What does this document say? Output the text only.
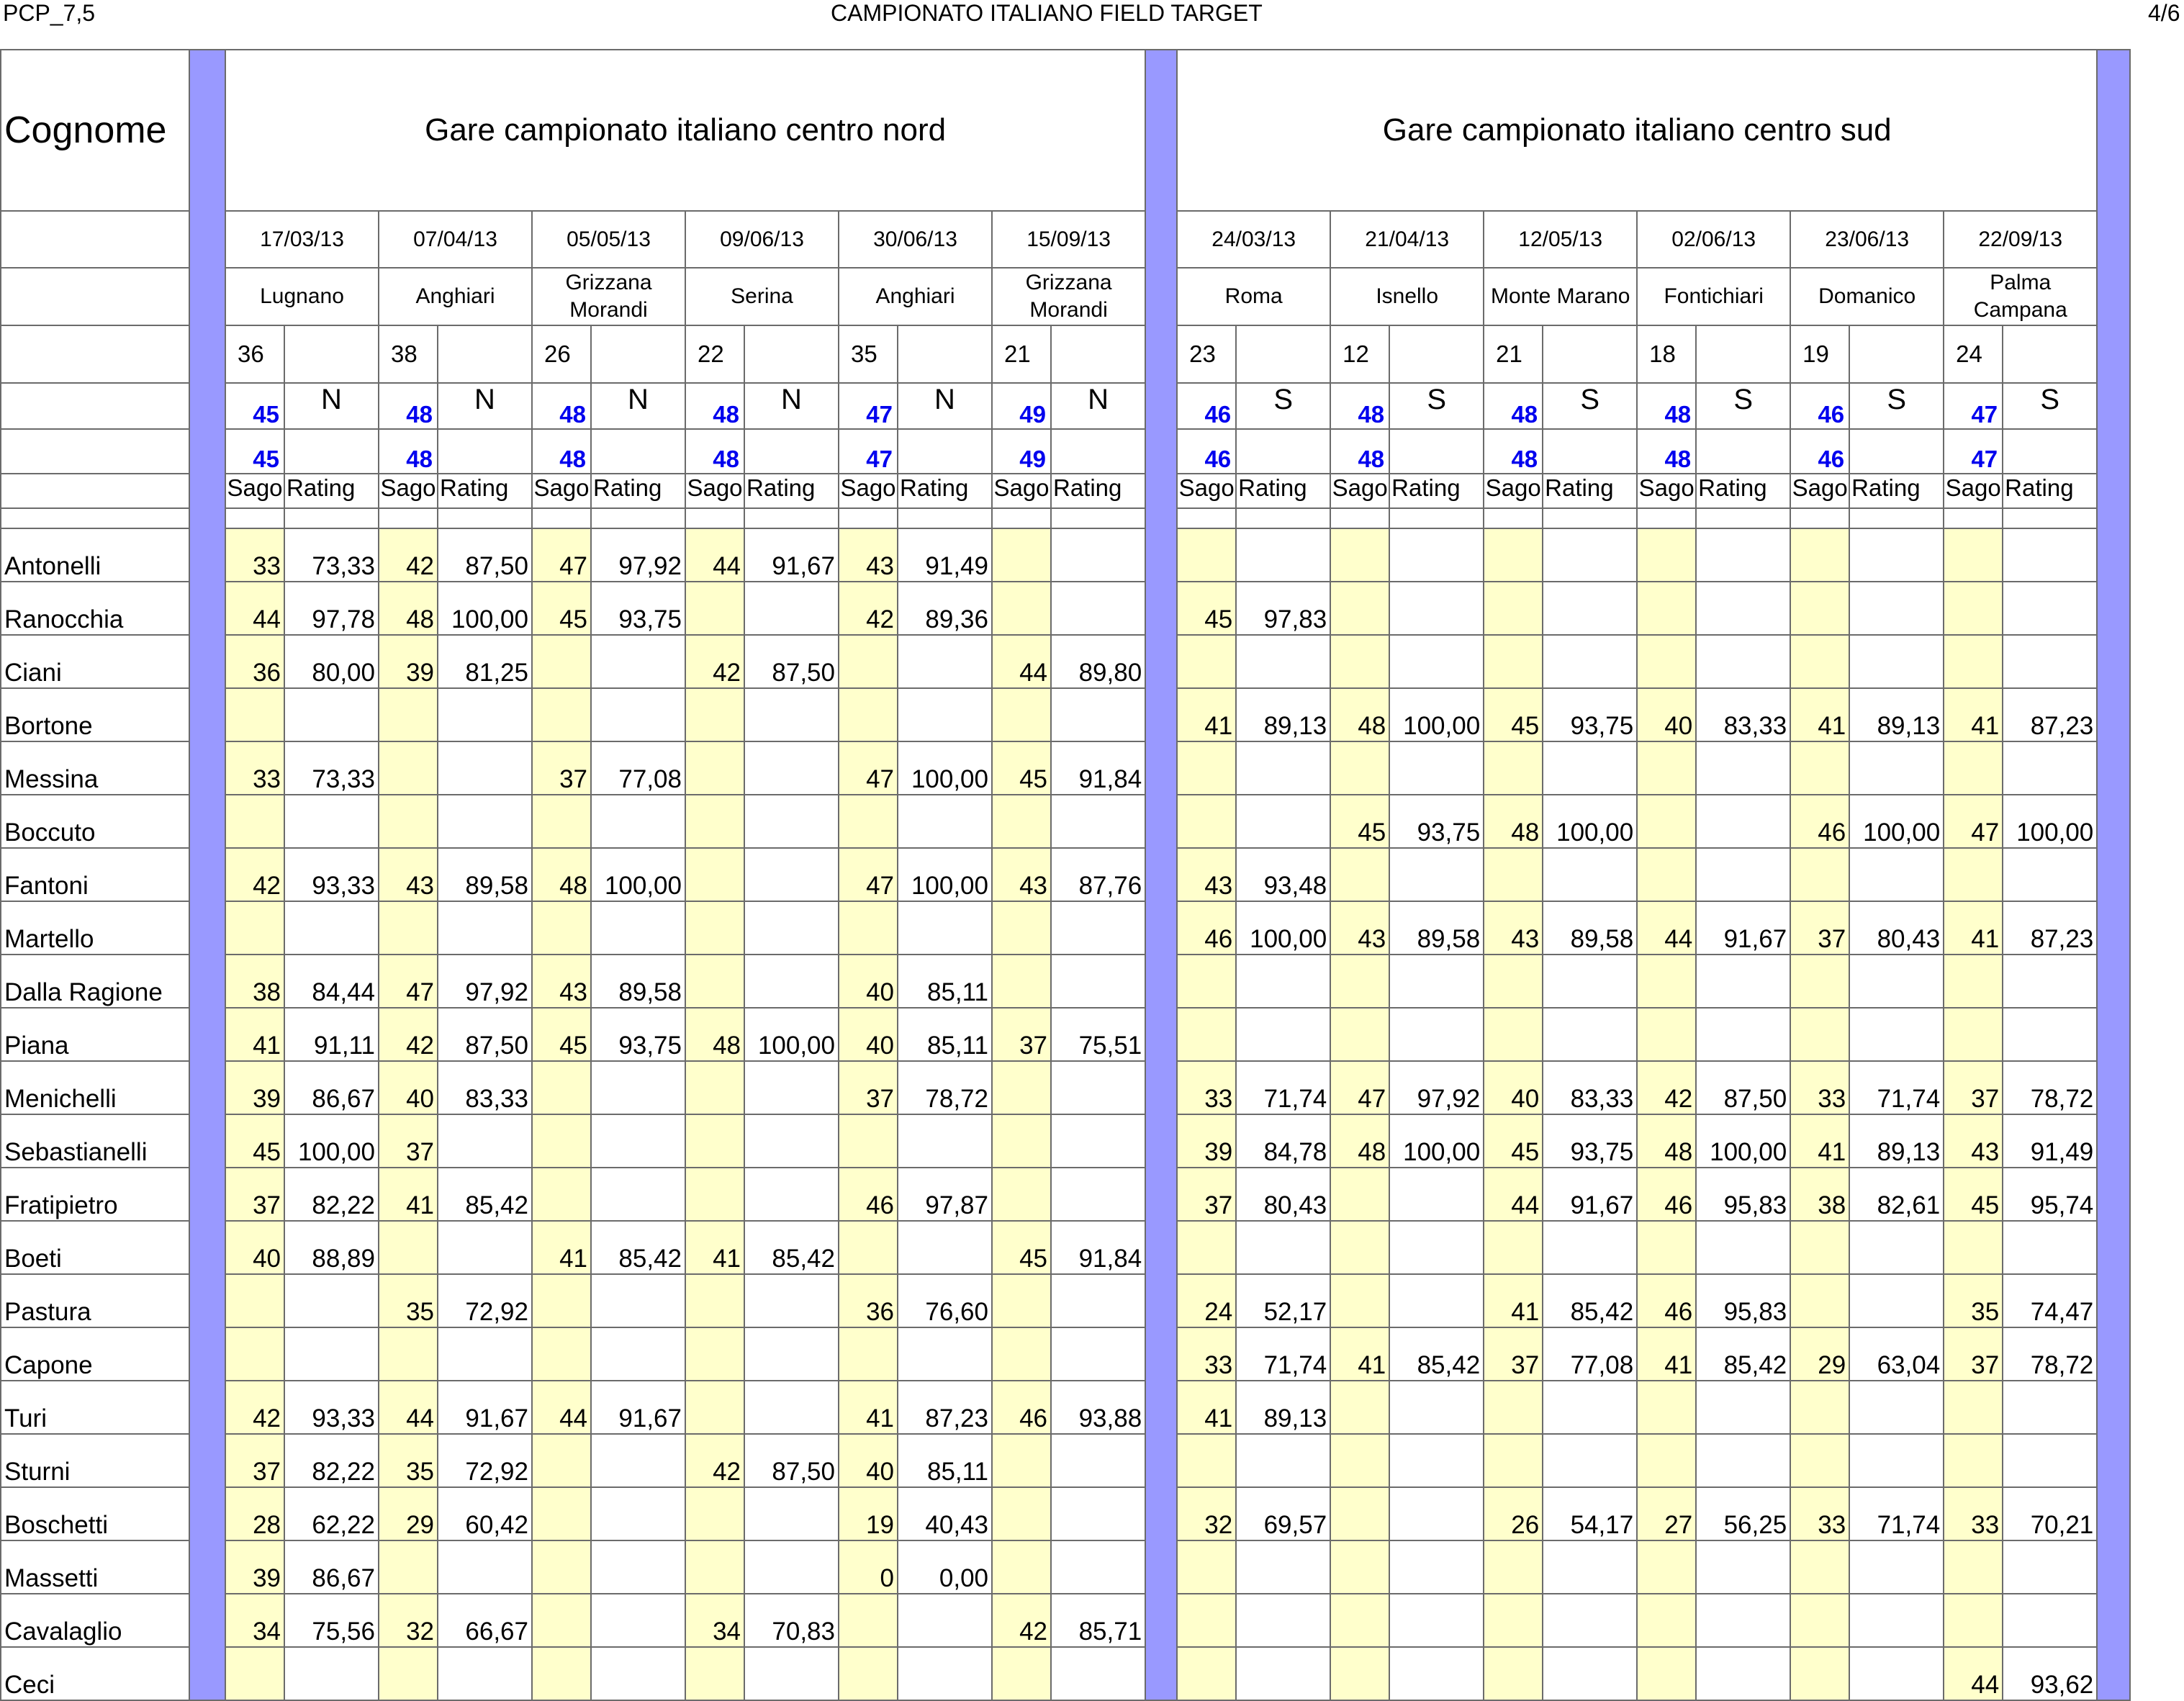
PCP_7,5	CAMPIONATO ITALIANO FIELD TARGET	4/6
Cognome		Gare campionato italiano centro nord													Gare campionato italiano centro sud												
		17/03/13		07/04/13		05/05/13		09/06/13		30/06/13		15/09/13			24/03/13		21/04/13		12/05/13		02/06/13		23/06/13		22/09/13		
		Lugnano		Anghiari		Grizzana Morandi		Serina		Anghiari		Grizzana Morandi			Roma		Isnello		Monte Marano		Fontichiari		Domanico		Palma Campana		
		36		38		26		22		35		21			23		12		21		18		19		24		
		45	N	48	N	48	N	48	N	47	N	49	N		46	S	48	S	48	S	48	S	46	S	47	S	
		45		48		48		48		47		49			46		48		48		48		46		47		
		Sago	Rating	Sago	Rating	Sago	Rating	Sago	Rating	Sago	Rating	Sago	Rating		Sago	Rating	Sago	Rating	Sago	Rating	Sago	Rating	Sago	Rating	Sago	Rating	

Antonelli		33	73,33	42	87,50	47	97,92	44	91,67	43	91,49																
Ranocchia		44	97,78	48	100,00	45	93,75			42	89,36				45	97,83											
Ciani		36	80,00	39	81,25			42	87,50			44	89,80														
Bortone															41	89,13	48	100,00	45	93,75	40	83,33	41	89,13	41	87,23	
Messina		33	73,33			37	77,08			47	100,00	45	91,84														
Boccuto																	45	93,75	48	100,00			46	100,00	47	100,00	
Fantoni		42	93,33	43	89,58	48	100,00			47	100,00	43	87,76		43	93,48											
Martello															46	100,00	43	89,58	43	89,58	44	91,67	37	80,43	41	87,23	
Dalla Ragione		38	84,44	47	97,92	43	89,58			40	85,11																
Piana		41	91,11	42	87,50	45	93,75	48	100,00	40	85,11	37	75,51														
Menichelli		39	86,67	40	83,33					37	78,72				33	71,74	47	97,92	40	83,33	42	87,50	33	71,74	37	78,72	
Sebastianelli		45	100,00	37											39	84,78	48	100,00	45	93,75	48	100,00	41	89,13	43	91,49	
Fratipietro		37	82,22	41	85,42					46	97,87				37	80,43			44	91,67	46	95,83	38	82,61	45	95,74	
Boeti		40	88,89			41	85,42	41	85,42			45	91,84														
Pastura				35	72,92					36	76,60				24	52,17			41	85,42	46	95,83			35	74,47	
Capone															33	71,74	41	85,42	37	77,08	41	85,42	29	63,04	37	78,72	
Turi		42	93,33	44	91,67	44	91,67			41	87,23	46	93,88		41	89,13											
Sturni		37	82,22	35	72,92			42	87,50	40	85,11																
Boschetti		28	62,22	29	60,42					19	40,43				32	69,57			26	54,17	27	56,25	33	71,74	33	70,21	
Massetti		39	86,67							0	0,00																
Cavalaglio		34	75,56	32	66,67			34	70,83			42	85,71														
Ceci																									44	93,62	
